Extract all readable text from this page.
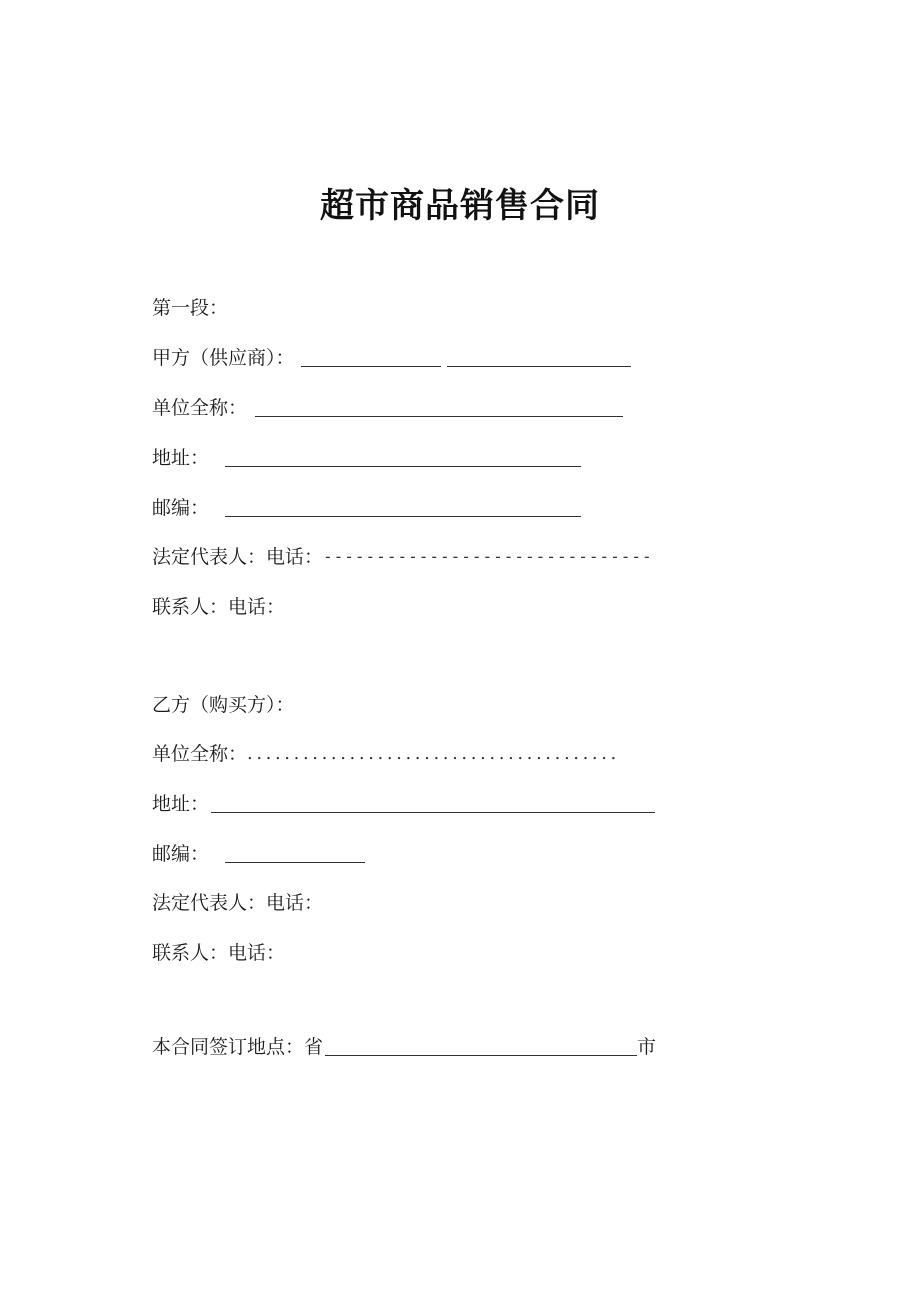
超市商品销售合同
第一段：
甲方（供应商）：
单位全称：
地址：
邮编：
法定代表人：电话： -------------------------------
联系人：电话：
乙方（购买方）：
单位全称： ........................................
地址：
邮编：
法定代表人：电话：
联系人：电话：
本合同签订地点：省	市
